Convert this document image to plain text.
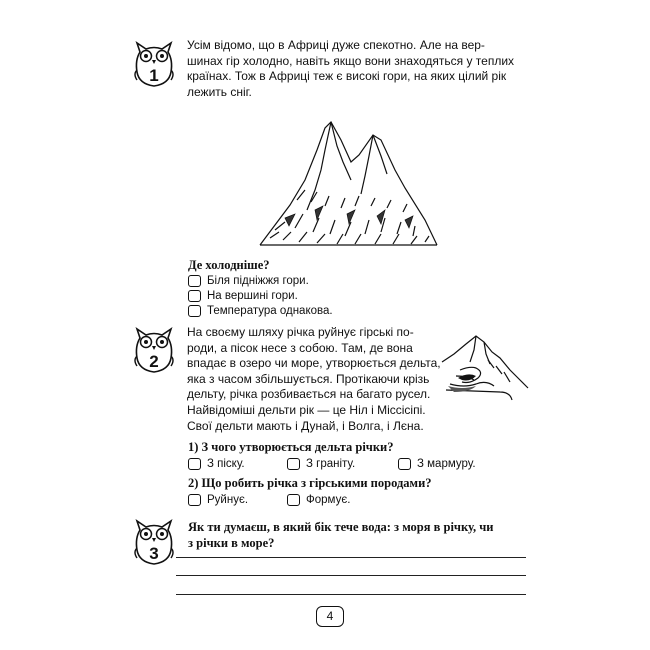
1
Усім відомо, що в Африці дуже спекотно. Але на вер-
шинах гір холодно, навіть якщо вони знаходяться у теплих
країнах. Тож в Африці теж є високі гори, на яких цілий рік
лежить сніг.
Де холодніше?
Біля підніжжя гори.
На вершині гори.
Температура однакова.
2
На своєму шляху річка руйнує гірські по-
роди, а пісок несе з собою. Там, де вона
впадає в озеро чи море, утворюється дельта,
яка з часом збільшується. Протікаючи крізь
дельту, річка розбивається на багато русел.
Найвідоміші дельти рік — це Ніл і Міссісіпі.
Свої дельти мають і Дунай, і Волга, і Лєна.
1) З чого утворюється дельта річки?
З піску.	З граніту.	З мармуру.
2) Що робить річка з гірськими породами?
Руйнує.	Формує.
3
Як ти думаєш, в який бік тече вода: з моря в річку, чи
з річки в море?
4
